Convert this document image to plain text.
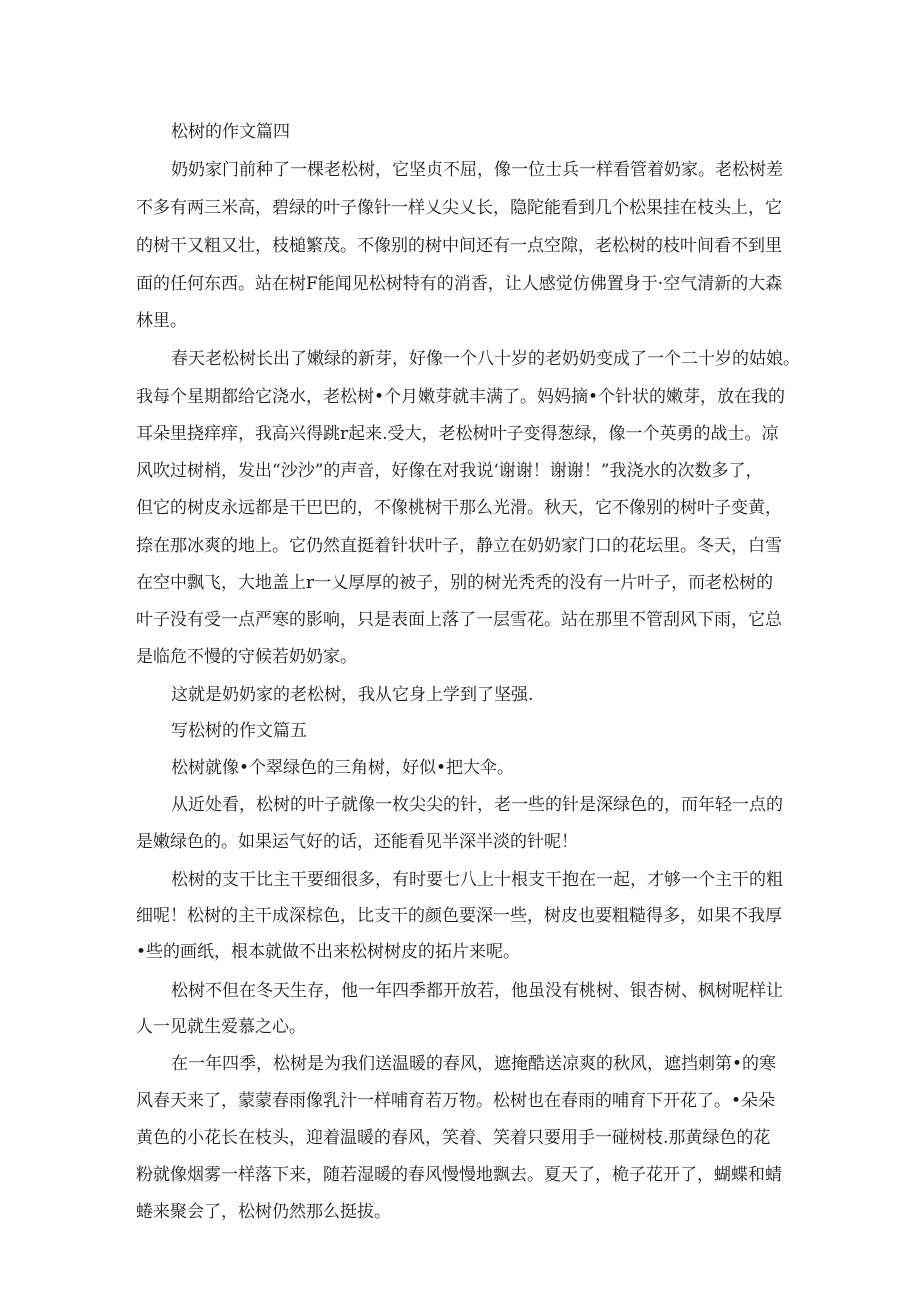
松树的作文篇四
奶奶家门前种了一棵老松树，它坚贞不屈，像一位士兵一样看管着奶家。老松树差
不多有两三米高，碧绿的叶子像针一样乂尖乂长，隐陀能看到几个松果挂在枝头上，它
的树干又粗又壮，枝槌繁茂。不像别的树中间还有一点空隙，老松树的枝叶间看不到里
面的任何东西。站在树F能闻见松树特有的消香，让人感觉仿佛置身于·空气清新的大森
林里。
春天老松树长出了嫩绿的新芽，好像一个八十岁的老奶奶变成了一个二十岁的姑娘。
我每个星期都给它浇水，老松树•个月嫩芽就丰满了。妈妈摘•个针状的嫩芽，放在我的
耳朵里挠痒痒，我高兴得跳r起来.受大，老松树叶子变得葱绿，像一个英勇的战士。凉
风吹过树梢，发出“沙沙”的声音，好像在对我说‘谢谢！谢谢！”我浇水的次数多了，
但它的树皮永远都是干巴巴的，不像桃树干那么光滑。秋天，它不像别的树叶子变黄，
捺在那冰爽的地上。它仍然直挺着针状叶子，静立在奶奶家门口的花坛里。冬天，白雪
在空中飘飞，大地盖上r一乂厚厚的被子，别的树光秃秃的没有一片叶子，而老松树的
叶子没有受一点严寒的影响，只是表面上落了一层雪花。站在那里不管刮风下雨，它总
是临危不慢的守候若奶奶家。
这就是奶奶家的老松树，我从它身上学到了坚强.
写松树的作文篇五
松树就像•个翠绿色的三角树，好似•把大伞。
从近处看，松树的叶子就像一枚尖尖的针，老一些的针是深绿色的，而年轻一点的
是嫩绿色的。如果运气好的话，还能看见半深半淡的针呢！
松树的支干比主干要细很多，有时要七八上十根支干抱在一起，才够一个主干的粗
细呢！松树的主干成深棕色，比支干的颜色要深一些，树皮也要粗糙得多，如果不我厚
•些的画纸，根本就做不出来松树树皮的拓片来呢。
松树不但在冬天生存，他一年四季都开放若，他虽没有桃树、银杏树、枫树呢样让
人一见就生爱慕之心。
在一年四季，松树是为我们送温暖的春风，遮掩酷送凉爽的秋风，遮挡刺第•的寒
风春天来了，蒙蒙春雨像乳汁一样哺育若万物。松树也在春雨的哺育下开花了。•朵朵
黄色的小花长在枝头，迎着温暖的春风，笑着、笑着只要用手一碰树枝.那黄绿色的花
粉就像烟雾一样落下来，随若湿暖的春风慢慢地飘去。夏天了，桅子花开了，蝴蝶和蜻
蜷来聚会了，松树仍然那么挺拔。
